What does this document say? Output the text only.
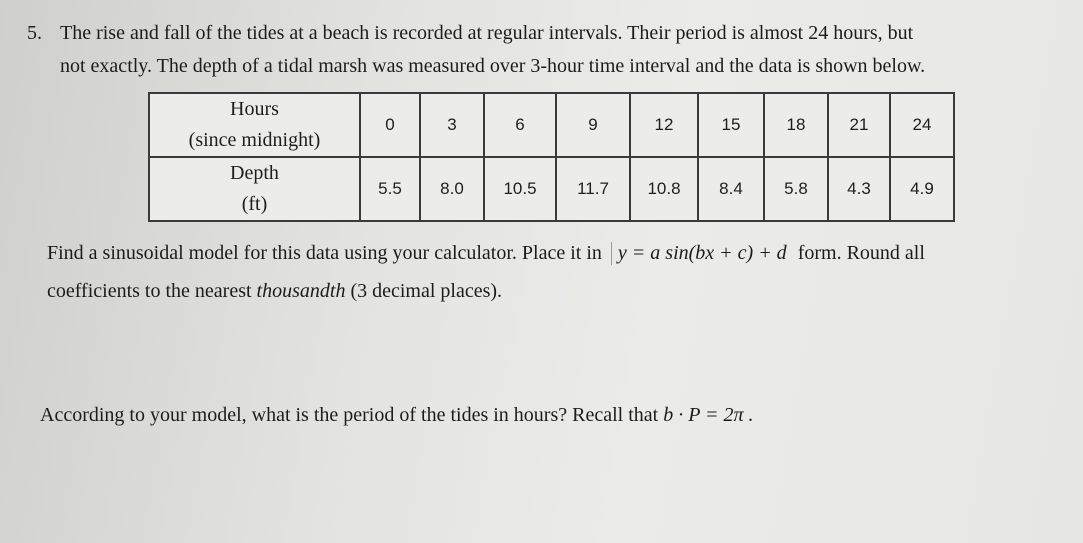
5. The rise and fall of the tides at a beach is recorded at regular intervals. Their period is almost 24 hours, but
not exactly. The depth of a tidal marsh was measured over 3-hour time interval and the data is shown below.
Hours
(since midnight)	0	3	6	9	12	15	18	21	24
Depth
(ft)	5.5	8.0	10.5	11.7	10.8	8.4	5.8	4.3	4.9
Find a sinusoidal model for this data using your calculator. Place it in y = a sin(bx + c) + d form. Round all
coefficients to the nearest thousandth (3 decimal places).
According to your model, what is the period of the tides in hours? Recall that b · P = 2π .
